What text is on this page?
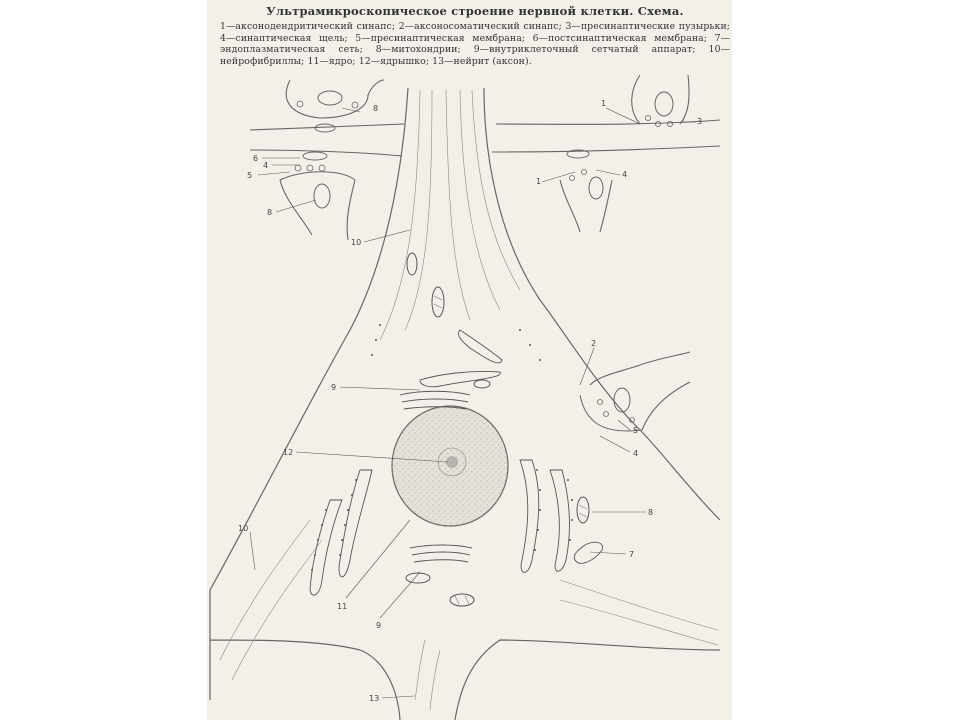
Ультрамикроскопическое строение нервной клетки. Схема.

1—аксонодендритический синапс; 2—аксоносоматический синапс; 3—пресинаптические пузырьки; 4—синаптическая щель; 5—пресинаптическая мембрана; 6—постсинаптическая мембрана; 7—эндоплазматическая сеть; 8—митохондрии; 9—внутриклеточный сетчатый аппарат; 10—нейрофибриллы; 11—ядро; 12—ядрышко; 13—нейрит (аксон).

8
6
4
5
8
10
1
3
1
4
2
5
4
9
12
8
7
10
11
9
13
